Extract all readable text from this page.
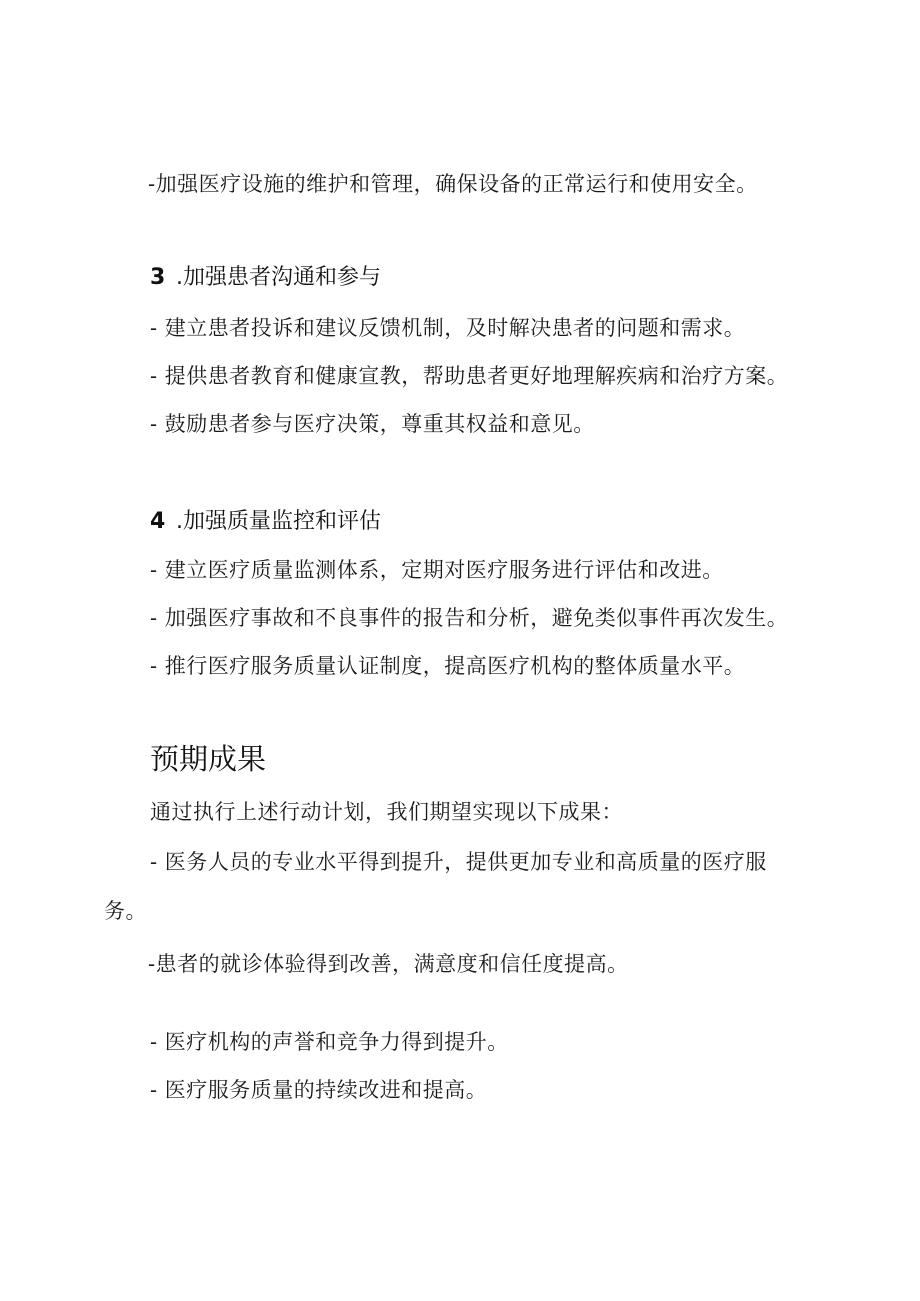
-加强医疗设施的维护和管理，确保设备的正常运行和使用安全。
3 .加强患者沟通和参与
- 建立患者投诉和建议反馈机制，及时解决患者的问题和需求。
- 提供患者教育和健康宣教，帮助患者更好地理解疾病和治疗方案。
- 鼓励患者参与医疗决策，尊重其权益和意见。
4 .加强质量监控和评估
- 建立医疗质量监测体系，定期对医疗服务进行评估和改进。
- 加强医疗事故和不良事件的报告和分析，避免类似事件再次发生。
- 推行医疗服务质量认证制度，提高医疗机构的整体质量水平。
预期成果
通过执行上述行动计划，我们期望实现以下成果：
- 医务人员的专业水平得到提升，提供更加专业和高质量的医疗服
务。
-患者的就诊体验得到改善，满意度和信任度提高。
- 医疗机构的声誉和竞争力得到提升。
- 医疗服务质量的持续改进和提高。
